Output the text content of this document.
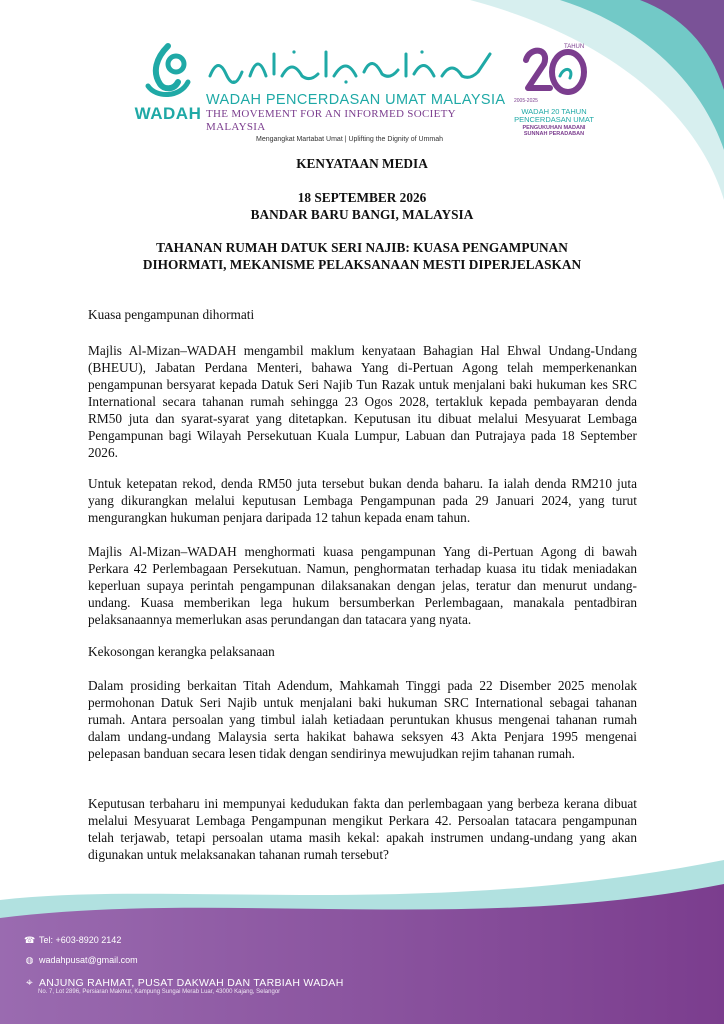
WADAH
WADAH PENCERDASAN UMAT MALAYSIA
THE MOVEMENT FOR AN INFORMED SOCIETY MALAYSIA
Mengangkat Martabat Umat | Uplifting the Dignity of Ummah
TAHUN
2005-2025
WADAH 20 TAHUN
PENCERDASAN UMAT
PENGUKUHAN MADANI
SUNNAH PERADABAN
KENYATAAN MEDIA
18 SEPTEMBER 2026
BANDAR BARU BANGI, MALAYSIA
TAHANAN RUMAH DATUK SERI NAJIB: KUASA PENGAMPUNAN
DIHORMATI, MEKANISME PELAKSANAAN MESTI DIPERJELASKAN
Kuasa pengampunan dihormati

Majlis Al-Mizan–WADAH mengambil maklum kenyataan Bahagian Hal Ehwal Undang-Undang (BHEUU), Jabatan Perdana Menteri, bahawa Yang di-Pertuan Agong telah memperkenankan pengampunan bersyarat kepada Datuk Seri Najib Tun Razak untuk menjalani baki hukuman kes SRC International secara tahanan rumah sehingga 23 Ogos 2028, tertakluk kepada pembayaran denda RM50 juta dan syarat-syarat yang ditetapkan. Keputusan itu dibuat melalui Mesyuarat Lembaga Pengampunan bagi Wilayah Persekutuan Kuala Lumpur, Labuan dan Putrajaya pada 18 September 2026.

Untuk ketepatan rekod, denda RM50 juta tersebut bukan denda baharu. Ia ialah denda RM210 juta yang dikurangkan melalui keputusan Lembaga Pengampunan pada 29 Januari 2024, yang turut mengurangkan hukuman penjara daripada 12 tahun kepada enam tahun.

Majlis Al-Mizan–WADAH menghormati kuasa pengampunan Yang di-Pertuan Agong di bawah Perkara 42 Perlembagaan Persekutuan. Namun, penghormatan terhadap kuasa itu tidak meniadakan keperluan supaya perintah pengampunan dilaksanakan dengan jelas, teratur dan menurut undang-undang. Kuasa memberikan lega hukum bersumberkan Perlembagaan, manakala pentadbiran pelaksanaannya memerlukan asas perundangan dan tatacara yang nyata.

Kekosongan kerangka pelaksanaan

Dalam prosiding berkaitan Titah Adendum, Mahkamah Tinggi pada 22 Disember 2025 menolak permohonan Datuk Seri Najib untuk menjalani baki hukuman SRC International sebagai tahanan rumah. Antara persoalan yang timbul ialah ketiadaan peruntukan khusus mengenai tahanan rumah dalam undang-undang Malaysia serta hakikat bahawa seksyen 43 Akta Penjara 1995 mengenai pelepasan banduan secara lesen tidak dengan sendirinya mewujudkan rejim tahanan rumah.

Keputusan terbaharu ini mempunyai kedudukan fakta dan perlembagaan yang berbeza kerana dibuat melalui Mesyuarat Lembaga Pengampunan mengikut Perkara 42. Persoalan tatacara pengampunan telah terjawab, tetapi persoalan utama masih kekal: apakah instrumen undang-undang yang akan digunakan untuk melaksanakan tahanan rumah tersebut?

☎ Tel: +603-8920 2142
◍ wadahpusat@gmail.com
⌖ ANJUNG RAHMAT, PUSAT DAKWAH DAN TARBIAH WADAH
No. 7, Lot 2896, Persiaran Makmur, Kampung Sungai Merab Luar, 43000 Kajang, Selangor
